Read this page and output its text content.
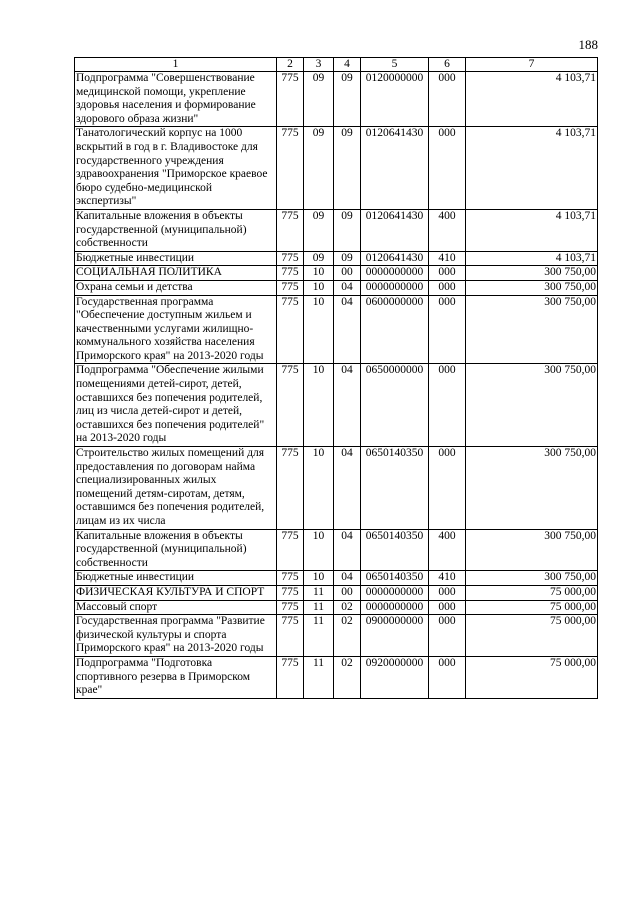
188
1	2	3	4	5	6	7
Подпрограмма "Совершенствование медицинской помощи, укрепление здоровья населения и формирование здорового образа жизни"	775	09	09	0120000000	000	4 103,71
Танатологический корпус на 1000 вскрытий в год в г. Владивостоке для государственного учреждения здравоохранения "Приморское краевое бюро судебно-медицинской экспертизы"	775	09	09	0120641430	000	4 103,71
Капитальные вложения в объекты государственной (муниципальной) собственности	775	09	09	0120641430	400	4 103,71
Бюджетные инвестиции	775	09	09	0120641430	410	4 103,71
СОЦИАЛЬНАЯ ПОЛИТИКА	775	10	00	0000000000	000	300 750,00
Охрана семьи и детства	775	10	04	0000000000	000	300 750,00
Государственная программа "Обеспечение доступным жильем и качественными услугами жилищно-коммунального хозяйства населения Приморского края" на 2013-2020 годы	775	10	04	0600000000	000	300 750,00
Подпрограмма "Обеспечение жилыми помещениями детей-сирот, детей, оставшихся без попечения родителей, лиц из числа детей-сирот и детей, оставшихся без попечения родителей" на 2013-2020 годы	775	10	04	0650000000	000	300 750,00
Строительство жилых помещений для предоставления по договорам найма специализированных жилых помещений детям-сиротам, детям, оставшимся без попечения родителей, лицам из их числа	775	10	04	0650140350	000	300 750,00
Капитальные вложения в объекты государственной (муниципальной) собственности	775	10	04	0650140350	400	300 750,00
Бюджетные инвестиции	775	10	04	0650140350	410	300 750,00
ФИЗИЧЕСКАЯ КУЛЬТУРА И СПОРТ	775	11	00	0000000000	000	75 000,00
Массовый спорт	775	11	02	0000000000	000	75 000,00
Государственная программа "Развитие физической культуры и спорта Приморского края" на 2013-2020 годы	775	11	02	0900000000	000	75 000,00
Подпрограмма "Подготовка спортивного резерва в Приморском крае"	775	11	02	0920000000	000	75 000,00
